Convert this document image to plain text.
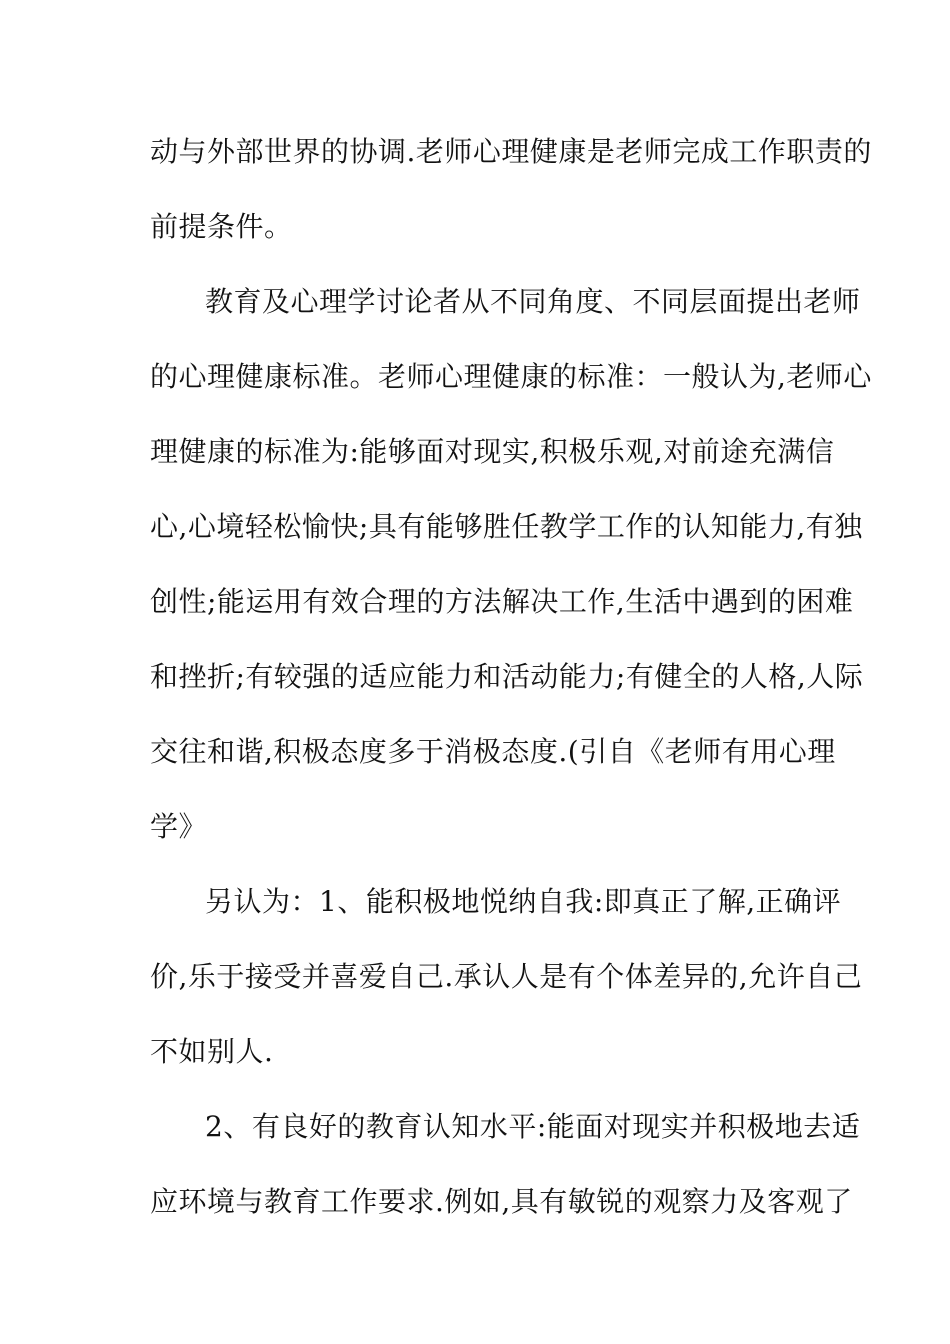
动与外部世界的协调.老师心理健康是老师完成工作职责的
前提条件。
教育及心理学讨论者从不同角度、不同层面提出老师
的心理健康标准。老师心理健康的标准：一般认为,老师心
理健康的标准为:能够面对现实,积极乐观,对前途充满信
心,心境轻松愉快;具有能够胜任教学工作的认知能力,有独
创性;能运用有效合理的方法解决工作,生活中遇到的困难
和挫折;有较强的适应能力和活动能力;有健全的人格,人际
交往和谐,积极态度多于消极态度.(引自《老师有用心理
学》
另认为：1、能积极地悦纳自我:即真正了解,正确评
价,乐于接受并喜爱自己.承认人是有个体差异的,允许自己
不如别人.
2、有良好的教育认知水平:能面对现实并积极地去适
应环境与教育工作要求.例如,具有敏锐的观察力及客观了
